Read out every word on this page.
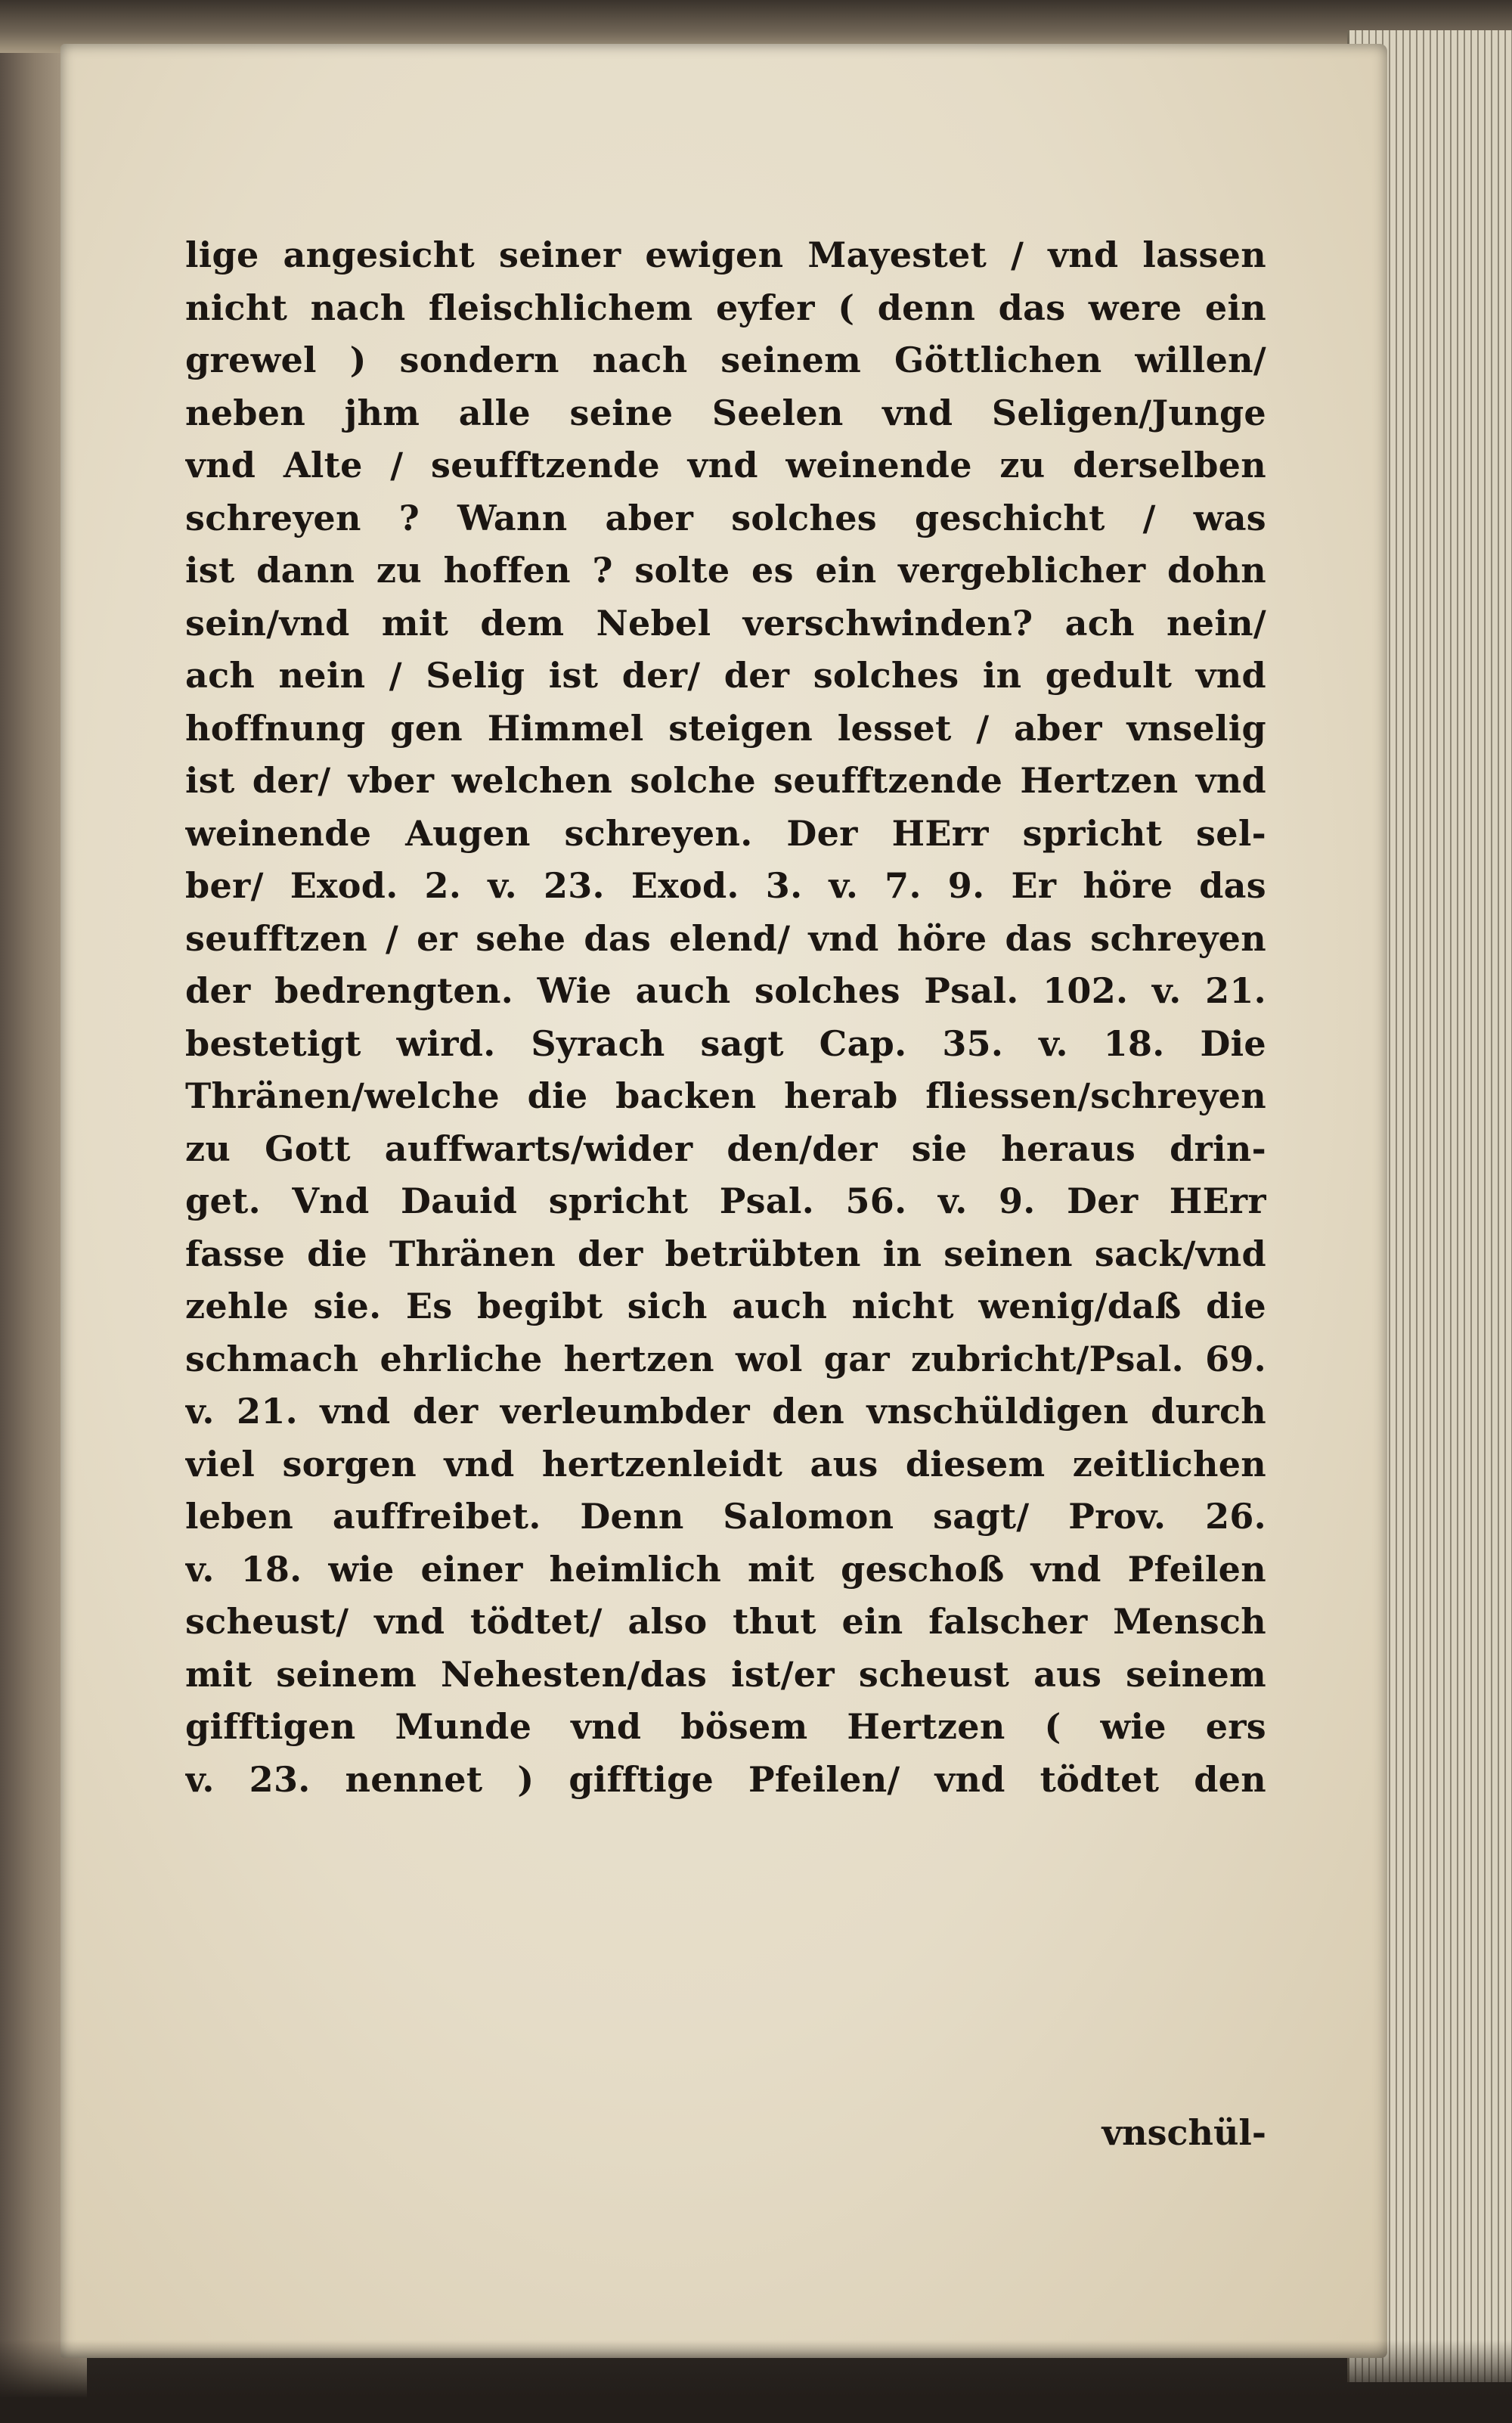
lige angesicht seiner ewigen Mayestet / vnd lassen
nicht nach fleischlichem eyfer ( denn das were ein
grewel ) sondern nach seinem Göttlichen willen/
neben jhm alle seine Seelen vnd Seligen/Junge
vnd Alte / seufftzende vnd weinende zu derselben
schreyen ? Wann aber solches geschicht / was
ist dann zu hoffen ? solte es ein vergeblicher dohn
sein/vnd mit dem Nebel verschwinden? ach nein/
ach nein / Selig ist der/ der solches in gedult vnd
hoffnung gen Himmel steigen lesset / aber vnselig
ist der/ vber welchen solche seufftzende Hertzen vnd
weinende Augen schreyen. Der HErr spricht sel-
ber/ Exod. 2. v. 23. Exod. 3. v. 7. 9. Er höre das
seufftzen / er sehe das elend/ vnd höre das schreyen
der bedrengten. Wie auch solches Psal. 102. v. 21.
bestetigt wird. Syrach sagt Cap. 35. v. 18. Die
Thränen/welche die backen herab fliessen/schreyen
zu Gott auffwarts/wider den/der sie heraus drin-
get. Vnd Dauid spricht Psal. 56. v. 9. Der HErr
fasse die Thränen der betrübten in seinen sack/vnd
zehle sie. Es begibt sich auch nicht wenig/daß die
schmach ehrliche hertzen wol gar zubricht/Psal. 69.
v. 21. vnd der verleumbder den vnschüldigen durch
viel sorgen vnd hertzenleidt aus diesem zeitlichen
leben auffreibet. Denn Salomon sagt/ Prov. 26.
v. 18. wie einer heimlich mit geschoß vnd Pfeilen
scheust/ vnd tödtet/ also thut ein falscher Mensch
mit seinem Nehesten/das ist/er scheust aus seinem
gifftigen Munde vnd bösem Hertzen ( wie ers
v. 23. nennet ) gifftige Pfeilen/ vnd tödtet den
vnschül-
